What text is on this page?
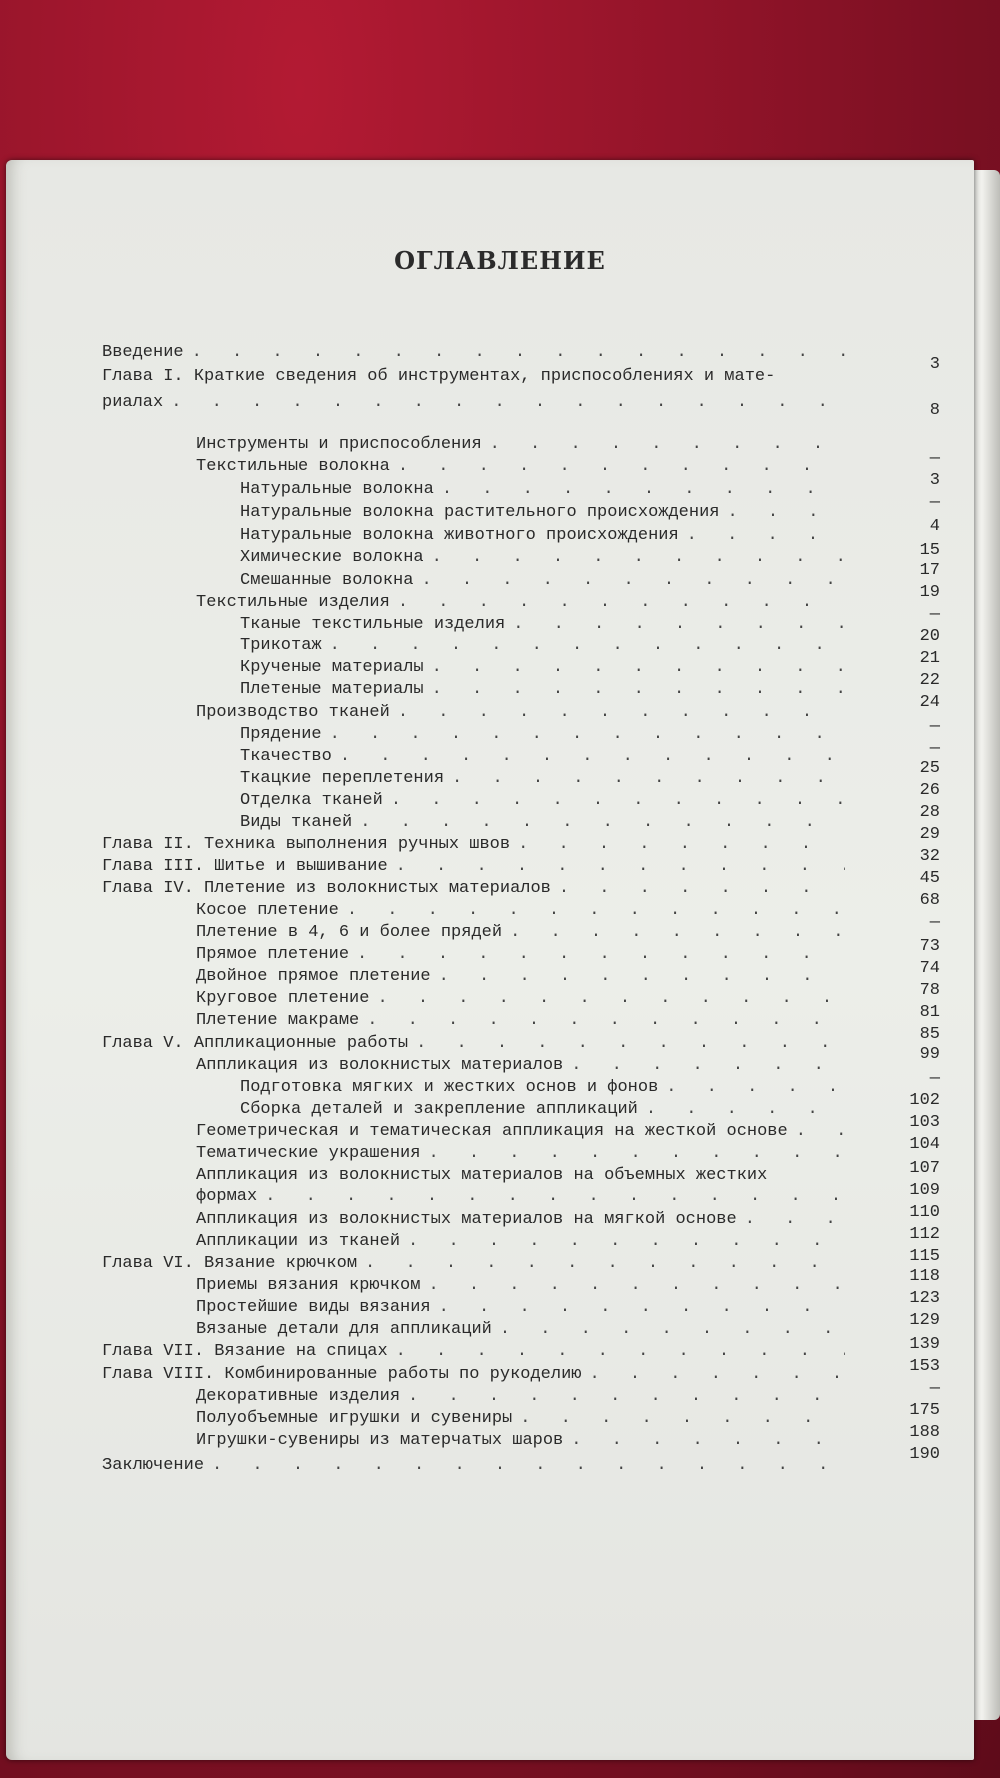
ОГЛАВЛЕНИЕ
Введение
. . .
3
Глава I. Краткие сведения об инструментах, приспособлениях и мате-
риалах
. . .	8
Инструменты и приспособления
. . .
—
Текстильные волокна
. . .
3
Натуральные волокна
. . .
—
Натуральные волокна растительного происхождения
. . .
4
Натуральные волокна животного происхождения
. . .
15
Химические волокна
. . .
17
Смешанные волокна
. . .
19
Текстильные изделия
. . .
—
Тканые текстильные изделия
. . .
20
Трикотаж
. . .
21
Крученые материалы
. . .
22
Плетеные материалы
. . .
24
Производство тканей
. . .
—
Прядение
. . .
—
Ткачество
. . .
25
Ткацкие переплетения
. . .
26
Отделка тканей
. . .
28
Виды тканей
. . .
29
Глава II. Техника выполнения ручных швов
. . .
32
Глава III. Шитье и вышивание
. . .
45
Глава IV. Плетение из волокнистых материалов
. . .
68
Косое плетение
. . .
—
Плетение в 4, 6 и более прядей
. . .
73
Прямое плетение
. . .
74
Двойное прямое плетение
. . .
78
Круговое плетение
. . .
81
Плетение макраме
. . .
85
Глава V. Аппликационные работы
. . .
99
Аппликация из волокнистых материалов
. . .
—
Подготовка мягких и жестких основ и фонов
. . .
102
Сборка деталей и закрепление аппликаций
. . .
103
Геометрическая и тематическая аппликация на жесткой основе
. . .
104
Тематические украшения
. . .
107
Аппликация из волокнистых материалов на объемных жестких
109
формах
. . .
110
Аппликация из волокнистых материалов на мягкой основе
. . .
112
Аппликации из тканей
. . .
115
Глава VI. Вязание крючком
. . .
118
Приемы вязания крючком
. . .
123
Простейшие виды вязания
. . .
129
Вязаные детали для аппликаций
. . .
139
Глава VII. Вязание на спицах
. . .
153
Глава VIII. Комбинированные работы по рукоделию
. . .
—
Декоративные изделия
. . .
175
Полуобъемные игрушки и сувениры
. . .
188
Игрушки-сувениры из матерчатых шаров
. . .
190
Заключение
. . .
